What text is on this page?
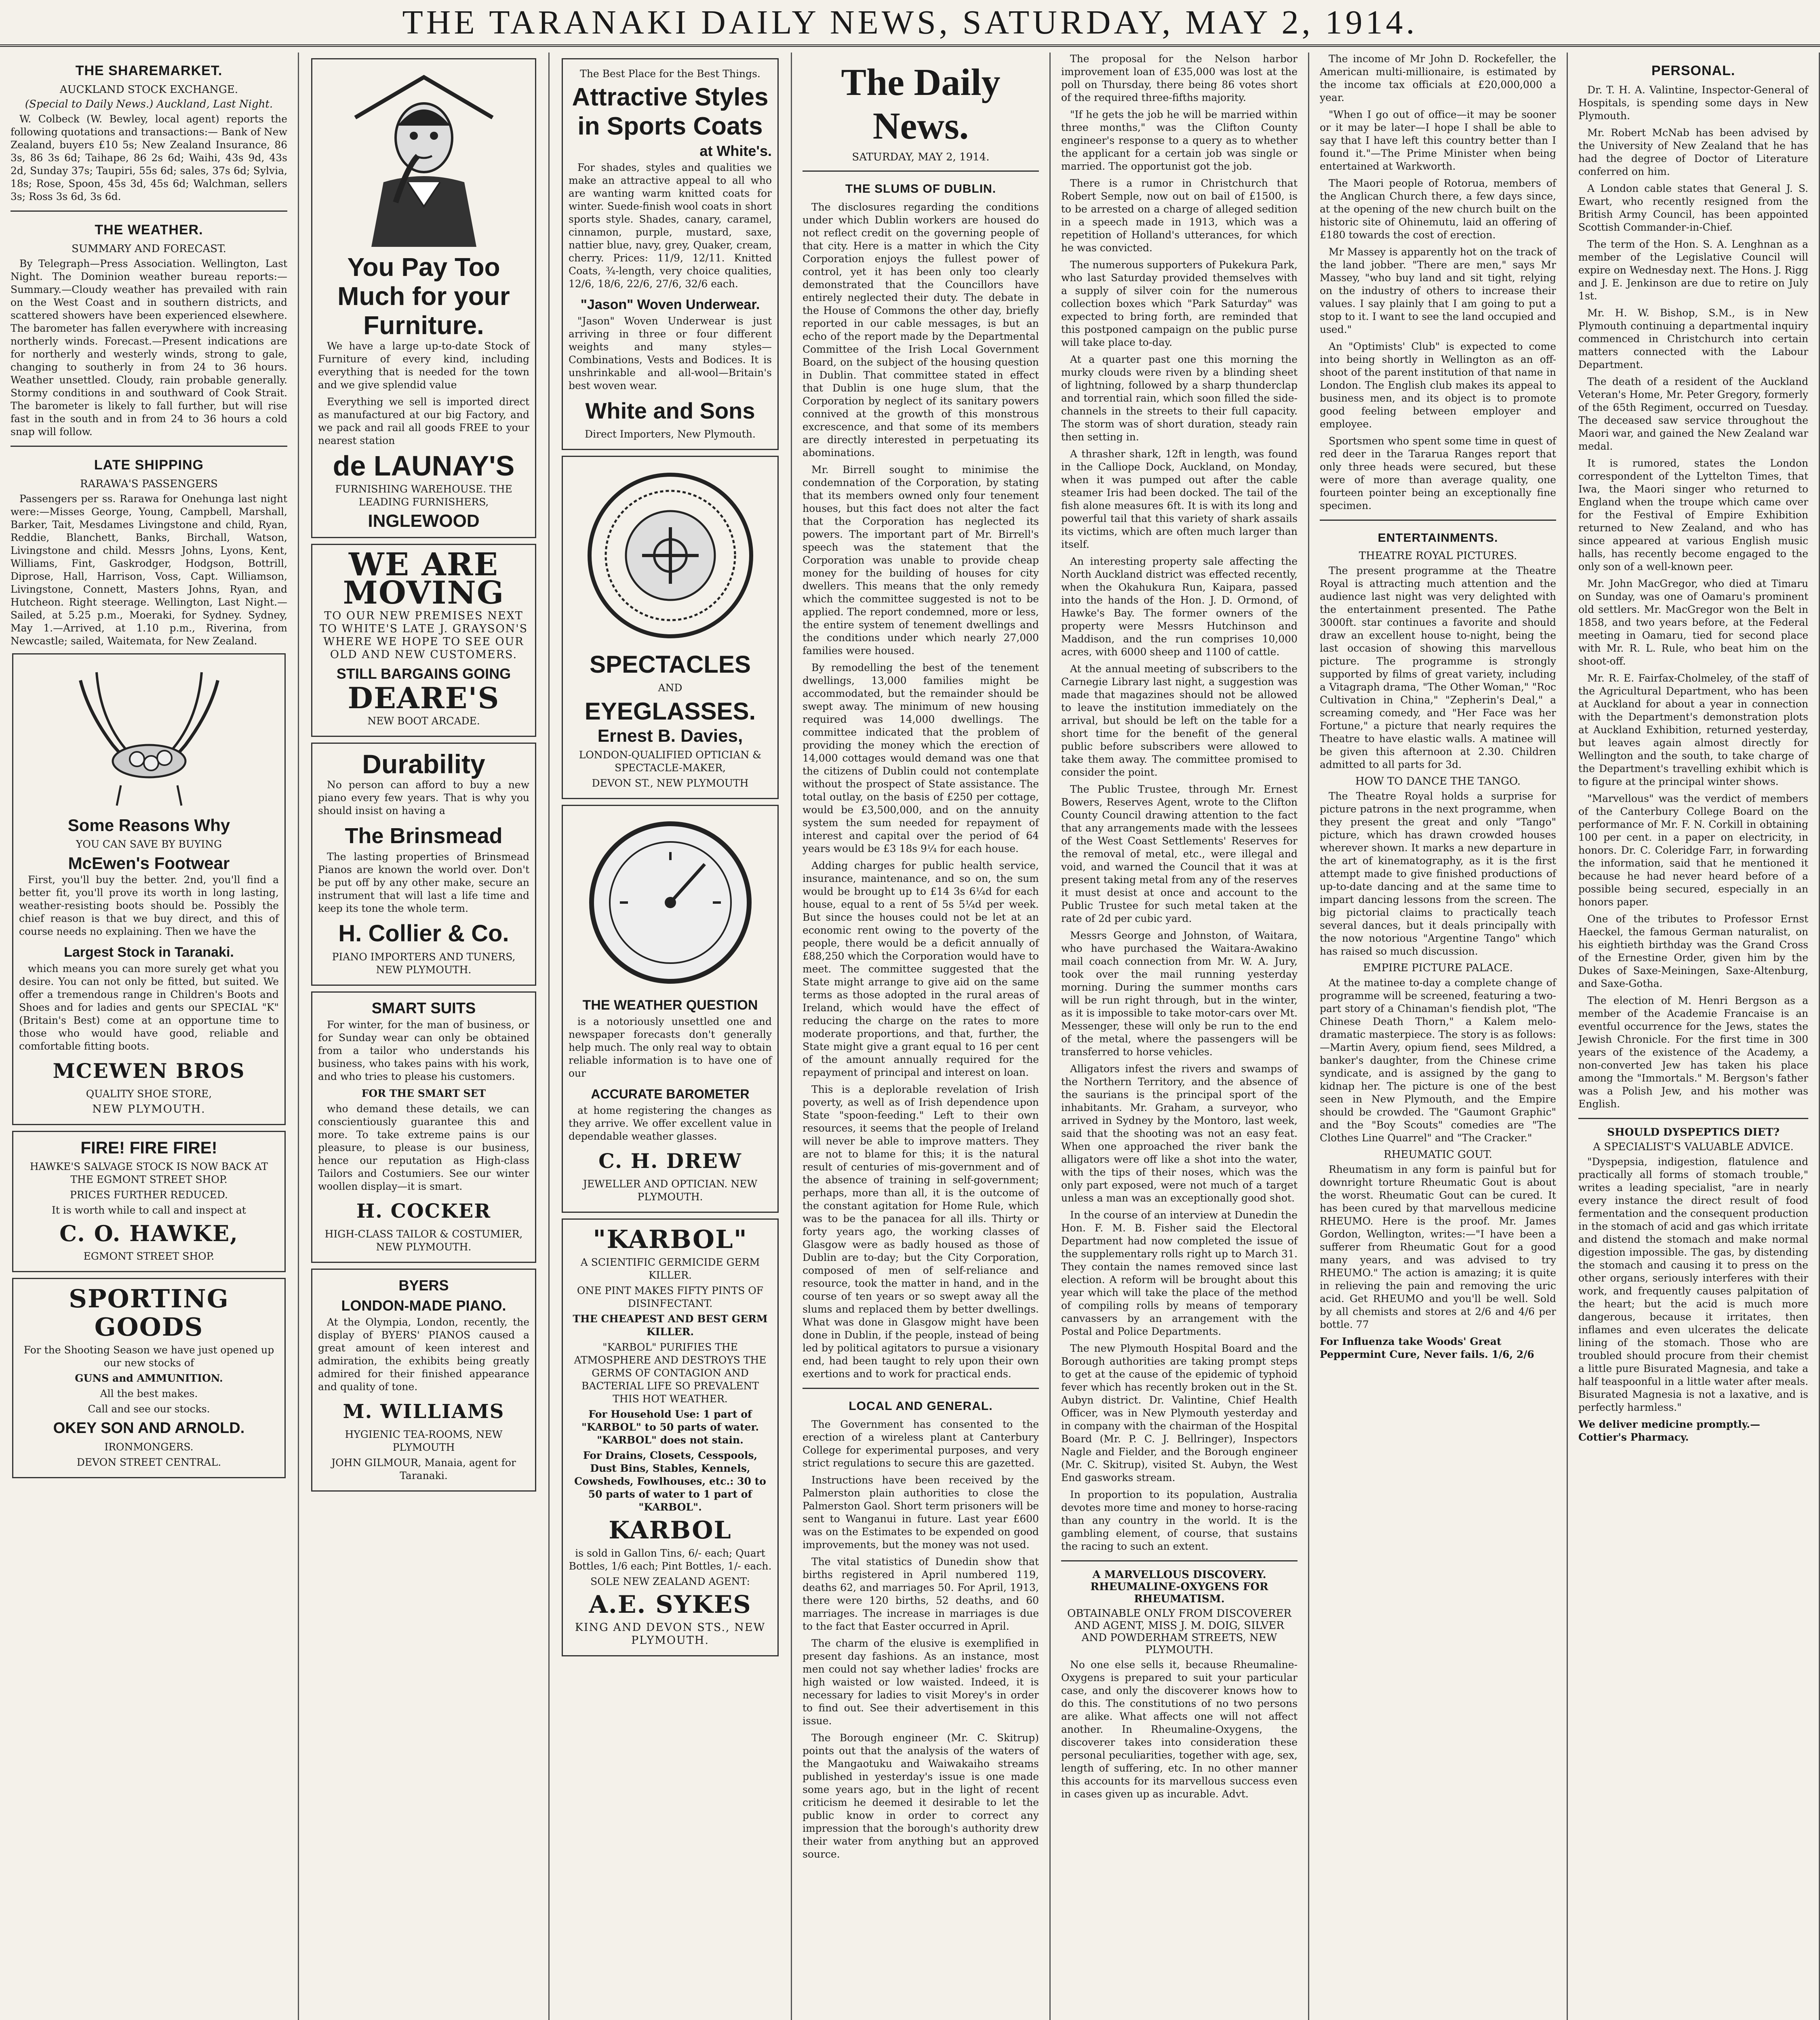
THE TARANAKI DAILY NEWS, SATURDAY, MAY 2, 1914.
THE SHAREMARKET.
AUCKLAND STOCK EXCHANGE.
(Special to Daily News.) Auckland, Last Night.

W. Colbeck (W. Bewley, local agent) reports the following quotations and transactions:— Bank of New Zealand, buyers £10 5s; New Zealand Insurance, 86 3s, 86 3s 6d; Taihape, 86 2s 6d; Waihi, 43s 9d, 43s 2d, Sunday 37s; Taupiri, 55s 6d; sales, 37s 6d; Sylvia, 18s; Rose, Spoon, 45s 3d, 45s 6d; Walchman, sellers 3s; Ross 3s 6d, 3s 6d.

THE WEATHER.
SUMMARY AND FORECAST.

By Telegraph—Press Association. Wellington, Last Night. The Dominion weather bureau reports:— Summary.—Cloudy weather has prevailed with rain on the West Coast and in southern districts, and scattered showers have been experienced elsewhere. The barometer has fallen everywhere with increasing northerly winds. Forecast.—Present indications are for northerly and westerly winds, strong to gale, changing to southerly in from 24 to 36 hours. Weather unsettled. Cloudy, rain probable generally. Stormy conditions in and southward of Cook Strait. The barometer is likely to fall further, but will rise fast in the south and in from 24 to 36 hours a cold snap will follow.

LATE SHIPPING
RARAWA'S PASSENGERS

Passengers per ss. Rarawa for Onehunga last night were:—Misses George, Young, Campbell, Marshall, Barker, Tait, Mesdames Livingstone and child, Ryan, Reddie, Blanchett, Banks, Birchall, Watson, Livingstone and child. Messrs Johns, Lyons, Kent, Williams, Fint, Gaskrodger, Hodgson, Bottrill, Diprose, Hall, Harrison, Voss, Capt. Williamson, Livingstone, Connett, Masters Johns, Ryan, and Hutcheon. Right steerage. Wellington, Last Night.—Sailed, at 5.25 p.m., Moeraki, for Sydney. Sydney, May 1.—Arrived, at 1.10 p.m., Riverina, from Newcastle; sailed, Waitemata, for New Zealand.

Some Reasons Why
YOU CAN SAVE BY BUYING
McEwen's Footwear

First, you'll buy the better. 2nd, you'll find a better fit, you'll prove its worth in long lasting, weather-resisting boots should be. Possibly the chief reason is that we buy direct, and this of course needs no explaining. Then we have the

Largest Stock in Taranaki.

which means you can more surely get what you desire. You can not only be fitted, but suited. We offer a tremendous range in Children's Boots and Shoes and for ladies and gents our SPECIAL "K" (Britain's Best) come at an opportune time to those who would have good, reliable and comfortable fitting boots.

MCEWEN BROS
QUALITY SHOE STORE,
NEW PLYMOUTH.
FIRE! FIRE FIRE!
HAWKE'S SALVAGE STOCK IS NOW BACK AT THE EGMONT STREET SHOP.
PRICES FURTHER REDUCED.
It is worth while to call and inspect at
C. O. HAWKE,
EGMONT STREET SHOP.
SPORTING GOODS
For the Shooting Season we have just opened up our new stocks of
GUNS and AMMUNITION.
All the best makes.
Call and see our stocks.
OKEY SON AND ARNOLD.
IRONMONGERS.
DEVON STREET CENTRAL.
You Pay Too Much for your Furniture.

We have a large up-to-date Stock of Furniture of every kind, including everything that is needed for the town and we give splendid value

Everything we sell is imported direct as manufactured at our big Factory, and we pack and rail all goods FREE to your nearest station

de LAUNAY'S
FURNISHING WAREHOUSE. THE LEADING FURNISHERS,
INGLEWOOD
WE ARE MOVING
TO OUR NEW PREMISES NEXT TO WHITE'S LATE J. GRAYSON'S WHERE WE HOPE TO SEE OUR OLD AND NEW CUSTOMERS.
STILL BARGAINS GOING
DEARE'S
NEW BOOT ARCADE.
Durability

No person can afford to buy a new piano every few years. That is why you should insist on having a

The Brinsmead

The lasting properties of Brinsmead Pianos are known the world over. Don't be put off by any other make, secure an instrument that will last a life time and keep its tone the whole term.

H. Collier & Co.
PIANO IMPORTERS AND TUNERS, NEW PLYMOUTH.
SMART SUITS

For winter, for the man of business, or for Sunday wear can only be obtained from a tailor who understands his business, who takes pains with his work, and who tries to please his customers.

FOR THE SMART SET

who demand these details, we can conscientiously guarantee this and more. To take extreme pains is our pleasure, to please is our business, hence our reputation as High-class Tailors and Costumiers. See our winter woollen display—it is smart.

H. COCKER
HIGH-CLASS TAILOR & COSTUMIER, NEW PLYMOUTH.
BYERS
LONDON-MADE PIANO.

At the Olympia, London, recently, the display of BYERS' PIANOS caused a great amount of keen interest and admiration, the exhibits being greatly admired for their finished appearance and quality of tone.

M. WILLIAMS
HYGIENIC TEA-ROOMS, NEW PLYMOUTH
JOHN GILMOUR, Manaia, agent for Taranaki.
The Best Place for the Best Things.
Attractive Styles in Sports Coats
at White's.

For shades, styles and qualities we make an attractive appeal to all who are wanting warm knitted coats for winter. Suede-finish wool coats in short sports style. Shades, canary, caramel, cinnamon, purple, mustard, saxe, nattier blue, navy, grey, Quaker, cream, cherry. Prices: 11/9, 12/11. Knitted Coats, ¾-length, very choice qualities, 12/6, 18/6, 22/6, 27/6, 32/6 each.

"Jason" Woven Underwear.

"Jason" Woven Underwear is just arriving in three or four different weights and many styles—Combinations, Vests and Bodices. It is unshrinkable and all-wool—Britain's best woven wear.

White and Sons
Direct Importers, New Plymouth.
SPECTACLES
AND
EYEGLASSES.
Ernest B. Davies,
LONDON-QUALIFIED OPTICIAN & SPECTACLE-MAKER,
DEVON ST., NEW PLYMOUTH
THE WEATHER QUESTION

is a notoriously unsettled one and newspaper forecasts don't generally help much. The only real way to obtain reliable information is to have one of our

ACCURATE BAROMETER

at home registering the changes as they arrive. We offer excellent value in dependable weather glasses.

C. H. DREW
JEWELLER AND OPTICIAN. NEW PLYMOUTH.
"KARBOL"
A SCIENTIFIC GERMICIDE GERM KILLER.
ONE PINT MAKES FIFTY PINTS OF DISINFECTANT.
THE CHEAPEST AND BEST GERM KILLER.
"KARBOL" PURIFIES THE ATMOSPHERE AND DESTROYS THE GERMS OF CONTAGION AND BACTERIAL LIFE SO PREVALENT THIS HOT WEATHER.
For Household Use: 1 part of "KARBOL" to 50 parts of water. "KARBOL" does not stain.
For Drains, Closets, Cesspools, Dust Bins, Stables, Kennels, Cowsheds, Fowlhouses, etc.: 30 to 50 parts of water to 1 part of "KARBOL".
KARBOL
is sold in Gallon Tins, 6/- each; Quart Bottles, 1/6 each; Pint Bottles, 1/- each.
SOLE NEW ZEALAND AGENT:
A.E. SYKES
KING AND DEVON STS., NEW PLYMOUTH.
The Daily News.
SATURDAY, MAY 2, 1914.
THE SLUMS OF DUBLIN.

The disclosures regarding the conditions under which Dublin workers are housed do not reflect credit on the governing people of that city. Here is a matter in which the City Corporation enjoys the fullest power of control, yet it has been only too clearly demonstrated that the Councillors have entirely neglected their duty. The debate in the House of Commons the other day, briefly reported in our cable messages, is but an echo of the report made by the Departmental Committee of the Irish Local Government Board, on the subject of the housing question in Dublin. That committee stated in effect that Dublin is one huge slum, that the Corporation by neglect of its sanitary powers connived at the growth of this monstrous excrescence, and that some of its members are directly interested in perpetuating its abominations.

Mr. Birrell sought to minimise the condemnation of the Corporation, by stating that its members owned only four tenement houses, but this fact does not alter the fact that the Corporation has neglected its powers. The important part of Mr. Birrell's speech was the statement that the Corporation was unable to provide cheap money for the building of houses for city dwellers. This means that the only remedy which the committee suggested is not to be applied. The report condemned, more or less, the entire system of tenement dwellings and the conditions under which nearly 27,000 families were housed.

By remodelling the best of the tenement dwellings, 13,000 families might be accommodated, but the remainder should be swept away. The minimum of new housing required was 14,000 dwellings. The committee indicated that the problem of providing the money which the erection of 14,000 cottages would demand was one that the citizens of Dublin could not contemplate without the prospect of State assistance. The total outlay, on the basis of £250 per cottage, would be £3,500,000, and on the annuity system the sum needed for repayment of interest and capital over the period of 64 years would be £3 18s 9¼ for each house.

Adding charges for public health service, insurance, maintenance, and so on, the sum would be brought up to £14 3s 6¼d for each house, equal to a rent of 5s 5¼d per week. But since the houses could not be let at an economic rent owing to the poverty of the people, there would be a deficit annually of £88,250 which the Corporation would have to meet. The committee suggested that the State might arrange to give aid on the same terms as those adopted in the rural areas of Ireland, which would have the effect of reducing the charge on the rates to more moderate proportions, and that, further, the State might give a grant equal to 16 per cent of the amount annually required for the repayment of principal and interest on loan.

This is a deplorable revelation of Irish poverty, as well as of Irish dependence upon State "spoon-feeding." Left to their own resources, it seems that the people of Ireland will never be able to improve matters. They are not to blame for this; it is the natural result of centuries of mis-government and of the absence of training in self-government; perhaps, more than all, it is the outcome of the constant agitation for Home Rule, which was to be the panacea for all ills. Thirty or forty years ago, the working classes of Glasgow were as badly housed as those of Dublin are to-day; but the City Corporation, composed of men of self-reliance and resource, took the matter in hand, and in the course of ten years or so swept away all the slums and replaced them by better dwellings. What was done in Glasgow might have been done in Dublin, if the people, instead of being led by political agitators to pursue a visionary end, had been taught to rely upon their own exertions and to work for practical ends.

LOCAL AND GENERAL.

The Government has consented to the erection of a wireless plant at Canterbury College for experimental purposes, and very strict regulations to secure this are gazetted.

Instructions have been received by the Palmerston plain authorities to close the Palmerston Gaol. Short term prisoners will be sent to Wanganui in future. Last year £600 was on the Estimates to be expended on good improvements, but the money was not used.

The vital statistics of Dunedin show that births registered in April numbered 119, deaths 62, and marriages 50. For April, 1913, there were 120 births, 52 deaths, and 60 marriages. The increase in marriages is due to the fact that Easter occurred in April.

The charm of the elusive is exemplified in present day fashions. As an instance, most men could not say whether ladies' frocks are high waisted or low waisted. Indeed, it is necessary for ladies to visit Morey's in order to find out. See their advertisement in this issue.

The Borough engineer (Mr. C. Skitrup) points out that the analysis of the waters of the Mangaotuku and Waiwakaiho streams published in yesterday's issue is one made some years ago, but in the light of recent criticism he deemed it desirable to let the public know in order to correct any impression that the borough's authority drew their water from anything but an approved source.

The proposal for the Nelson harbor improvement loan of £35,000 was lost at the poll on Thursday, there being 86 votes short of the required three-fifths majority.

"If he gets the job he will be married within three months," was the Clifton County engineer's response to a query as to whether the applicant for a certain job was single or married. The opportunist got the job.

There is a rumor in Christchurch that Robert Semple, now out on bail of £1500, is to be arrested on a charge of alleged sedition in a speech made in 1913, which was a repetition of Holland's utterances, for which he was convicted.

The numerous supporters of Pukekura Park, who last Saturday provided themselves with a supply of silver coin for the numerous collection boxes which "Park Saturday" was expected to bring forth, are reminded that this postponed campaign on the public purse will take place to-day.

At a quarter past one this morning the murky clouds were riven by a blinding sheet of lightning, followed by a sharp thunderclap and torrential rain, which soon filled the side-channels in the streets to their full capacity. The storm was of short duration, steady rain then setting in.

A thrasher shark, 12ft in length, was found in the Calliope Dock, Auckland, on Monday, when it was pumped out after the cable steamer Iris had been docked. The tail of the fish alone measures 6ft. It is with its long and powerful tail that this variety of shark assails its victims, which are often much larger than itself.

An interesting property sale affecting the North Auckland district was effected recently, when the Okahukura Run, Kaipara, passed into the hands of the Hon. J. D. Ormond, of Hawke's Bay. The former owners of the property were Messrs Hutchinson and Maddison, and the run comprises 10,000 acres, with 6000 sheep and 1100 of cattle.

At the annual meeting of subscribers to the Carnegie Library last night, a suggestion was made that magazines should not be allowed to leave the institution immediately on the arrival, but should be left on the table for a short time for the benefit of the general public before subscribers were allowed to take them away. The committee promised to consider the point.

The Public Trustee, through Mr. Ernest Bowers, Reserves Agent, wrote to the Clifton County Council drawing attention to the fact that any arrangements made with the lessees of the West Coast Settlements' Reserves for the removal of metal, etc., were illegal and void, and warned the Council that it was at present taking metal from any of the reserves it must desist at once and account to the Public Trustee for such metal taken at the rate of 2d per cubic yard.

Messrs George and Johnston, of Waitara, who have purchased the Waitara-Awakino mail coach connection from Mr. W. A. Jury, took over the mail running yesterday morning. During the summer months cars will be run right through, but in the winter, as it is impossible to take motor-cars over Mt. Messenger, these will only be run to the end of the metal, where the passengers will be transferred to horse vehicles.

Alligators infest the rivers and swamps of the Northern Territory, and the absence of the saurians is the principal sport of the inhabitants. Mr. Graham, a surveyor, who arrived in Sydney by the Montoro, last week, said that the shooting was not an easy feat. When one approached the river bank the alligators were off like a shot into the water, with the tips of their noses, which was the only part exposed, were not much of a target unless a man was an exceptionally good shot.

In the course of an interview at Dunedin the Hon. F. M. B. Fisher said the Electoral Department had now completed the issue of the supplementary rolls right up to March 31. They contain the names removed since last election. A reform will be brought about this year which will take the place of the method of compiling rolls by means of temporary canvassers by an arrangement with the Postal and Police Departments.

The new Plymouth Hospital Board and the Borough authorities are taking prompt steps to get at the cause of the epidemic of typhoid fever which has recently broken out in the St. Aubyn district. Dr. Valintine, Chief Health Officer, was in New Plymouth yesterday and in company with the chairman of the Hospital Board (Mr. P. C. J. Bellringer), Inspectors Nagle and Fielder, and the Borough engineer (Mr. C. Skitrup), visited St. Aubyn, the West End gasworks stream.

In proportion to its population, Australia devotes more time and money to horse-racing than any country in the world. It is the gambling element, of course, that sustains the racing to such an extent.

A MARVELLOUS DISCOVERY. RHEUMALINE-OXYGENS FOR RHEUMATISM.
OBTAINABLE ONLY FROM DISCOVERER AND AGENT, MISS J. M. DOIG, SILVER AND POWDERHAM STREETS, NEW PLYMOUTH.

No one else sells it, because Rheumaline-Oxygens is prepared to suit your particular case, and only the discoverer knows how to do this. The constitutions of no two persons are alike. What affects one will not affect another. In Rheumaline-Oxygens, the discoverer takes into consideration these personal peculiarities, together with age, sex, length of suffering, etc. In no other manner this accounts for its marvellous success even in cases given up as incurable. Advt.

The income of Mr John D. Rockefeller, the American multi-millionaire, is estimated by the income tax officials at £20,000,000 a year.

"When I go out of office—it may be sooner or it may be later—I hope I shall be able to say that I have left this country better than I found it."—The Prime Minister when being entertained at Warkworth.

The Maori people of Rotorua, members of the Anglican Church there, a few days since, at the opening of the new church built on the historic site of Ohinemutu, laid an offering of £180 towards the cost of erection.

Mr Massey is apparently hot on the track of the land jobber. "There are men," says Mr Massey, "who buy land and sit tight, relying on the industry of others to increase their values. I say plainly that I am going to put a stop to it. I want to see the land occupied and used."

An "Optimists' Club" is expected to come into being shortly in Wellington as an off-shoot of the parent institution of that name in London. The English club makes its appeal to business men, and its object is to promote good feeling between employer and employee.

Sportsmen who spent some time in quest of red deer in the Tararua Ranges report that only three heads were secured, but these were of more than average quality, one fourteen pointer being an exceptionally fine specimen.

ENTERTAINMENTS.
THEATRE ROYAL PICTURES.

The present programme at the Theatre Royal is attracting much attention and the audience last night was very delighted with the entertainment presented. The Pathe 3000ft. star continues a favorite and should draw an excellent house to-night, being the last occasion of showing this marvellous picture. The programme is strongly supported by films of great variety, including a Vitagraph drama, "The Other Woman," "Roc Cultivation in China," "Zepherin's Deal," a screaming comedy, and "Her Face was her Fortune," a picture that nearly requires the Theatre to have elastic walls. A matinee will be given this afternoon at 2.30. Children admitted to all parts for 3d.

HOW TO DANCE THE TANGO.

The Theatre Royal holds a surprise for picture patrons in the next programme, when they present the great and only "Tango" picture, which has drawn crowded houses wherever shown. It marks a new departure in the art of kinematography, as it is the first attempt made to give finished productions of up-to-date dancing and at the same time to impart dancing lessons from the screen. The big pictorial claims to practically teach several dances, but it deals principally with the now notorious "Argentine Tango" which has raised so much discussion.

EMPIRE PICTURE PALACE.

At the matinee to-day a complete change of programme will be screened, featuring a two-part story of a Chinaman's fiendish plot, "The Chinese Death Thorn," a Kalem melo-dramatic masterpiece. The story is as follows:—Martin Avery, opium fiend, sees Mildred, a banker's daughter, from the Chinese crime syndicate, and is assigned by the gang to kidnap her. The picture is one of the best seen in New Plymouth, and the Empire should be crowded. The "Gaumont Graphic" and the "Boy Scouts" comedies are "The Clothes Line Quarrel" and "The Cracker."

RHEUMATIC GOUT.

Rheumatism in any form is painful but for downright torture Rheumatic Gout is about the worst. Rheumatic Gout can be cured. It has been cured by that marvellous medicine RHEUMO. Here is the proof. Mr. James Gordon, Wellington, writes:—"I have been a sufferer from Rheumatic Gout for a good many years, and was advised to try RHEUMO." The action is amazing; it is quite in relieving the pain and removing the uric acid. Get RHEUMO and you'll be well. Sold by all chemists and stores at 2/6 and 4/6 per bottle. 77

For Influenza take Woods' Great Peppermint Cure, Never fails. 1/6, 2/6
PERSONAL.

Dr. T. H. A. Valintine, Inspector-General of Hospitals, is spending some days in New Plymouth.

Mr. Robert McNab has been advised by the University of New Zealand that he has had the degree of Doctor of Literature conferred on him.

A London cable states that General J. S. Ewart, who recently resigned from the British Army Council, has been appointed Scottish Commander-in-Chief.

The term of the Hon. S. A. Lenghnan as a member of the Legislative Council will expire on Wednesday next. The Hons. J. Rigg and J. E. Jenkinson are due to retire on July 1st.

Mr. H. W. Bishop, S.M., is in New Plymouth continuing a departmental inquiry commenced in Christchurch into certain matters connected with the Labour Department.

The death of a resident of the Auckland Veteran's Home, Mr. Peter Gregory, formerly of the 65th Regiment, occurred on Tuesday. The deceased saw service throughout the Maori war, and gained the New Zealand war medal.

It is rumored, states the London correspondent of the Lyttelton Times, that Iwa, the Maori singer who returned to England when the troupe which came over for the Festival of Empire Exhibition returned to New Zealand, and who has since appeared at various English music halls, has recently become engaged to the only son of a well-known peer.

Mr. John MacGregor, who died at Timaru on Sunday, was one of Oamaru's prominent old settlers. Mr. MacGregor won the Belt in 1858, and two years before, at the Federal meeting in Oamaru, tied for second place with Mr. R. L. Rule, who beat him on the shoot-off.

Mr. R. E. Fairfax-Cholmeley, of the staff of the Agricultural Department, who has been at Auckland for about a year in connection with the Department's demonstration plots at Auckland Exhibition, returned yesterday, but leaves again almost directly for Wellington and the south, to take charge of the Department's travelling exhibit which is to figure at the principal winter shows.

"Marvellous" was the verdict of members of the Canterbury College Board on the performance of Mr. F. N. Corkill in obtaining 100 per cent. in a paper on electricity, in honors. Dr. C. Coleridge Farr, in forwarding the information, said that he mentioned it because he had never heard before of a possible being secured, especially in an honors paper.

One of the tributes to Professor Ernst Haeckel, the famous German naturalist, on his eightieth birthday was the Grand Cross of the Ernestine Order, given him by the Dukes of Saxe-Meiningen, Saxe-Altenburg, and Saxe-Gotha.

The election of M. Henri Bergson as a member of the Academie Francaise is an eventful occurrence for the Jews, states the Jewish Chronicle. For the first time in 300 years of the existence of the Academy, a non-converted Jew has taken his place among the "Immortals." M. Bergson's father was a Polish Jew, and his mother was English.

SHOULD DYSPEPTICS DIET?
A SPECIALIST'S VALUABLE ADVICE.

"Dyspepsia, indigestion, flatulence and practically all forms of stomach trouble," writes a leading specialist, "are in nearly every instance the direct result of food fermentation and the consequent production in the stomach of acid and gas which irritate and distend the stomach and make normal digestion impossible. The gas, by distending the stomach and causing it to press on the other organs, seriously interferes with their work, and frequently causes palpitation of the heart; but the acid is much more dangerous, because it irritates, then inflames and even ulcerates the delicate lining of the stomach. Those who are troubled should procure from their chemist a little pure Bisurated Magnesia, and take a half teaspoonful in a little water after meals. Bisurated Magnesia is not a laxative, and is perfectly harmless."

We deliver medicine promptly.—Cottier's Pharmacy.
